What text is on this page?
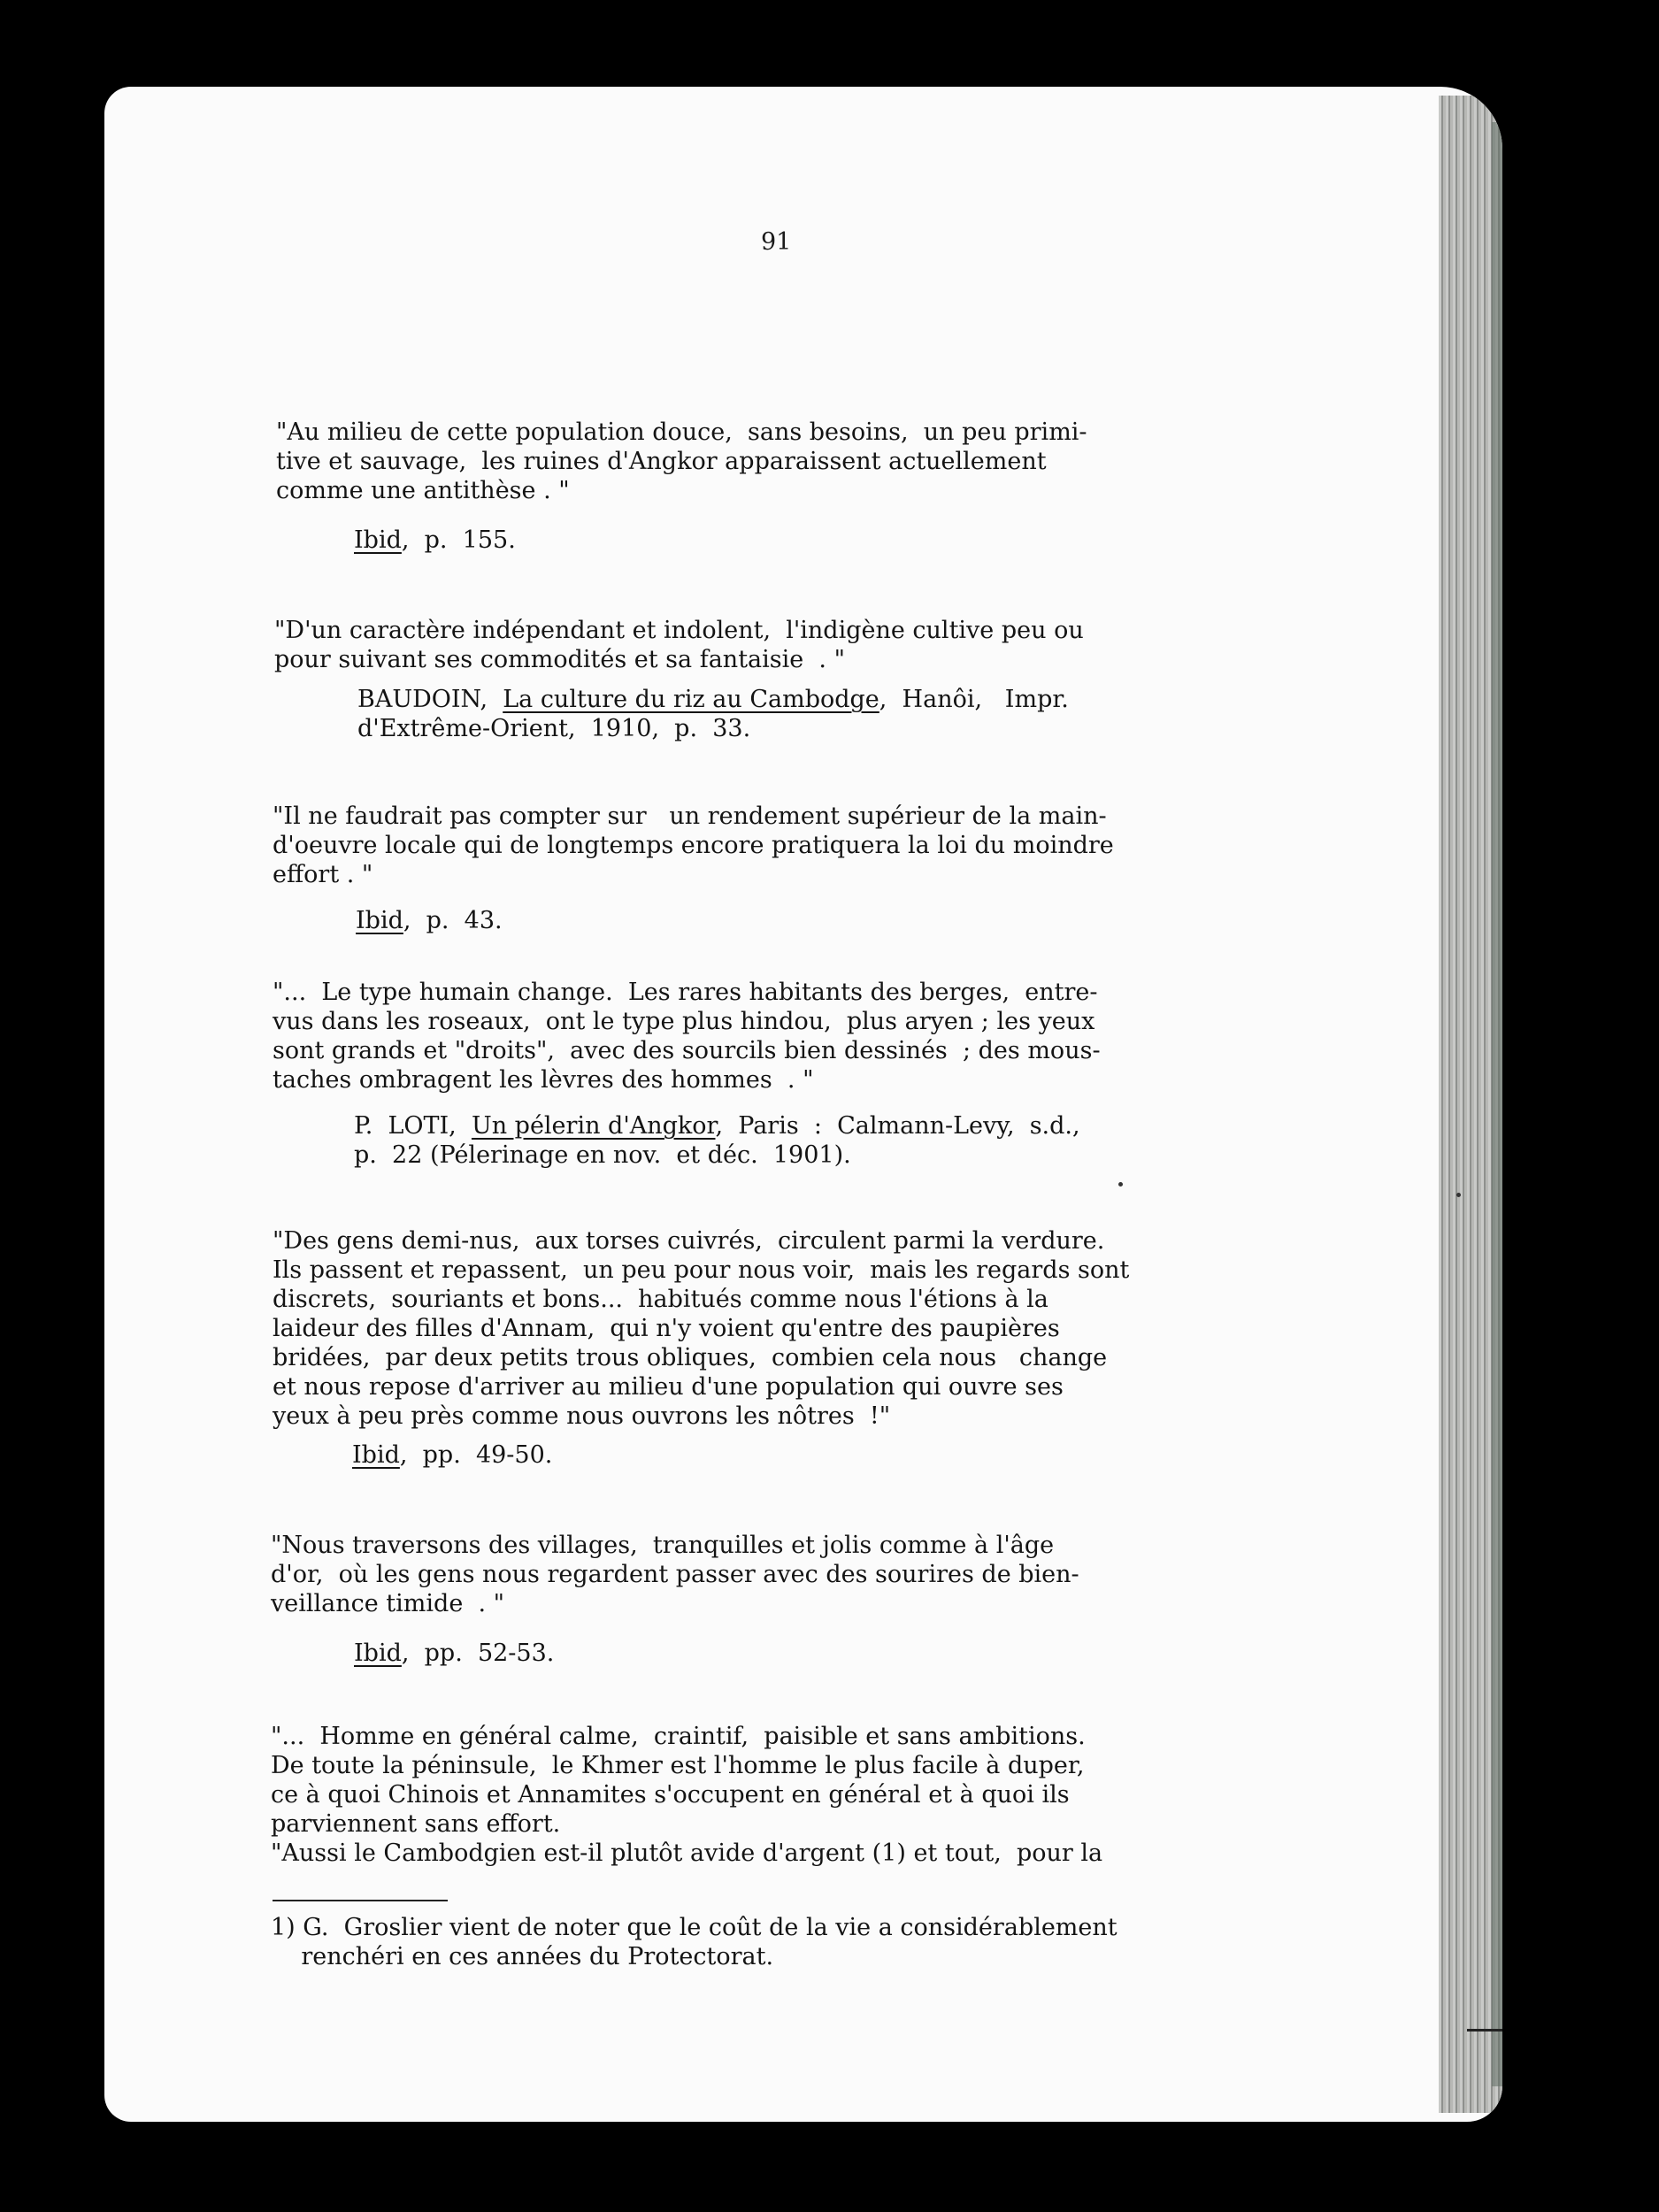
91
"Au milieu de cette population douce,  sans besoins,  un peu primi-
tive et sauvage,  les ruines d'Angkor apparaissent actuellement
comme une antithèse . "
Ibid,  p.  155.
"D'un caractère indépendant et indolent,  l'indigène cultive peu ou
pour suivant ses commodités et sa fantaisie  . "
BAUDOIN,  La culture du riz au Cambodge,  Hanôi,   Impr.
d'Extrême-Orient,  1910,  p.  33.
"Il ne faudrait pas compter sur   un rendement supérieur de la main-
d'oeuvre locale qui de longtemps encore pratiquera la loi du moindre
effort . "
Ibid,  p.  43.
"...  Le type humain change.  Les rares habitants des berges,  entre-
vus dans les roseaux,  ont le type plus hindou,  plus aryen ; les yeux
sont grands et "droits",  avec des sourcils bien dessinés  ; des mous-
taches ombragent les lèvres des hommes  . "
P.  LOTI,  Un pélerin d'Angkor,  Paris  :  Calmann-Levy,  s.d.,
p.  22 (Pélerinage en nov.  et déc.  1901).
"Des gens demi-nus,  aux torses cuivrés,  circulent parmi la verdure.
Ils passent et repassent,  un peu pour nous voir,  mais les regards sont
discrets,  souriants et bons...  habitués comme nous l'étions à la
laideur des filles d'Annam,  qui n'y voient qu'entre des paupières
bridées,  par deux petits trous obliques,  combien cela nous   change
et nous repose d'arriver au milieu d'une population qui ouvre ses
yeux à peu près comme nous ouvrons les nôtres  !"
Ibid,  pp.  49-50.
"Nous traversons des villages,  tranquilles et jolis comme à l'âge
d'or,  où les gens nous regardent passer avec des sourires de bien-
veillance timide  . "
Ibid,  pp.  52-53.
"...  Homme en général calme,  craintif,  paisible et sans ambitions.
De toute la péninsule,  le Khmer est l'homme le plus facile à duper,
ce à quoi Chinois et Annamites s'occupent en général et à quoi ils
parviennent sans effort.
"Aussi le Cambodgien est-il plutôt avide d'argent (1) et tout,  pour la
1) G.  Groslier vient de noter que le coût de la vie a considérablement
renchéri en ces années du Protectorat.
